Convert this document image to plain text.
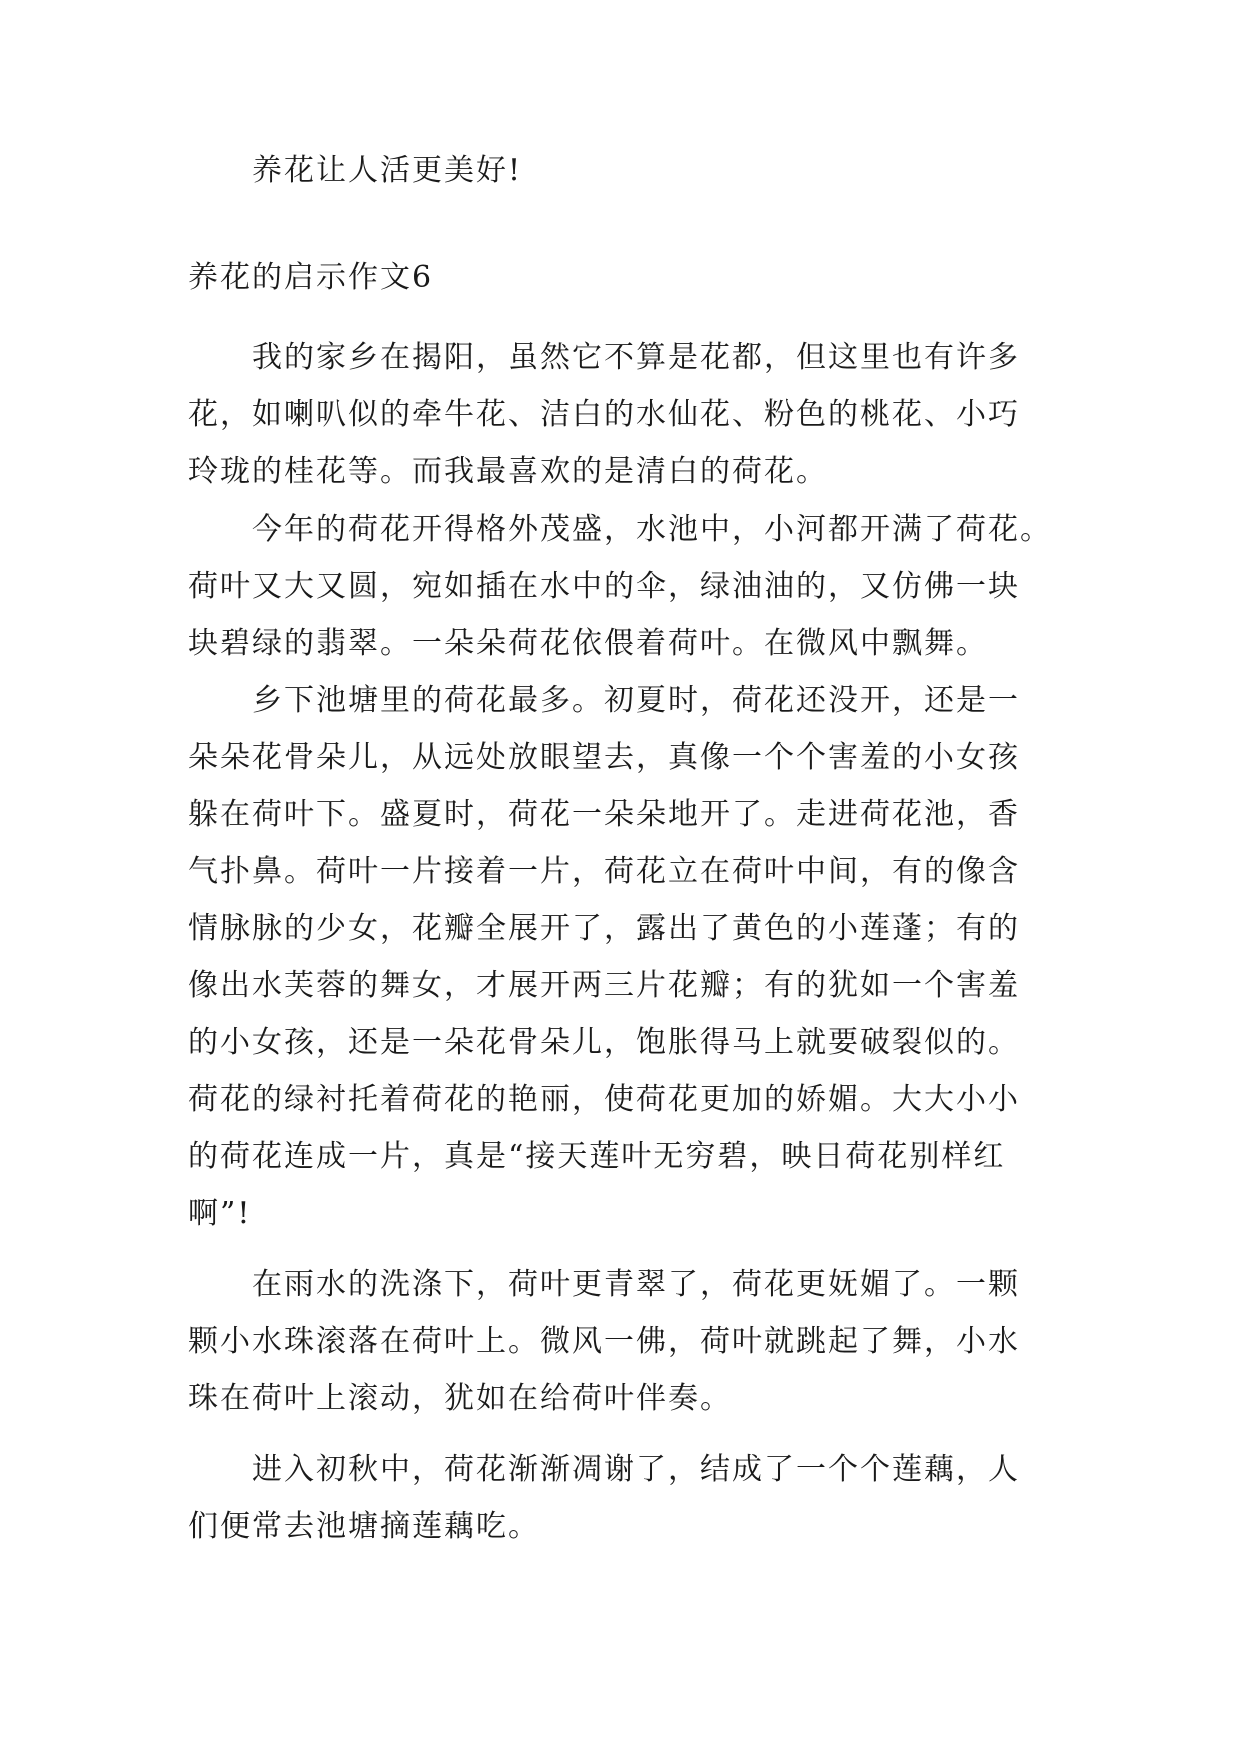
养花让人活更美好!
养花的启示作文6
我的家乡在揭阳，虽然它不算是花都，但这里也有许多
花，如喇叭似的牵牛花、洁白的水仙花、粉色的桃花、小巧
玲珑的桂花等。而我最喜欢的是清白的荷花。
今年的荷花开得格外茂盛，水池中，小河都开满了荷花。
荷叶又大又圆，宛如插在水中的伞，绿油油的，又仿佛一块
块碧绿的翡翠。一朵朵荷花依偎着荷叶。在微风中飘舞。
乡下池塘里的荷花最多。初夏时，荷花还没开，还是一
朵朵花骨朵儿，从远处放眼望去，真像一个个害羞的小女孩
躲在荷叶下。盛夏时，荷花一朵朵地开了。走进荷花池，香
气扑鼻。荷叶一片接着一片，荷花立在荷叶中间，有的像含
情脉脉的少女，花瓣全展开了，露出了黄色的小莲蓬；有的
像出水芙蓉的舞女，才展开两三片花瓣；有的犹如一个害羞
的小女孩，还是一朵花骨朵儿，饱胀得马上就要破裂似的。
荷花的绿衬托着荷花的艳丽，使荷花更加的娇媚。大大小小
的荷花连成一片，真是“接天莲叶无穷碧，映日荷花别样红
啊”!
在雨水的洗涤下，荷叶更青翠了，荷花更妩媚了。一颗
颗小水珠滚落在荷叶上。微风一佛，荷叶就跳起了舞，小水
珠在荷叶上滚动，犹如在给荷叶伴奏。
进入初秋中，荷花渐渐凋谢了，结成了一个个莲藕，人
们便常去池塘摘莲藕吃。
